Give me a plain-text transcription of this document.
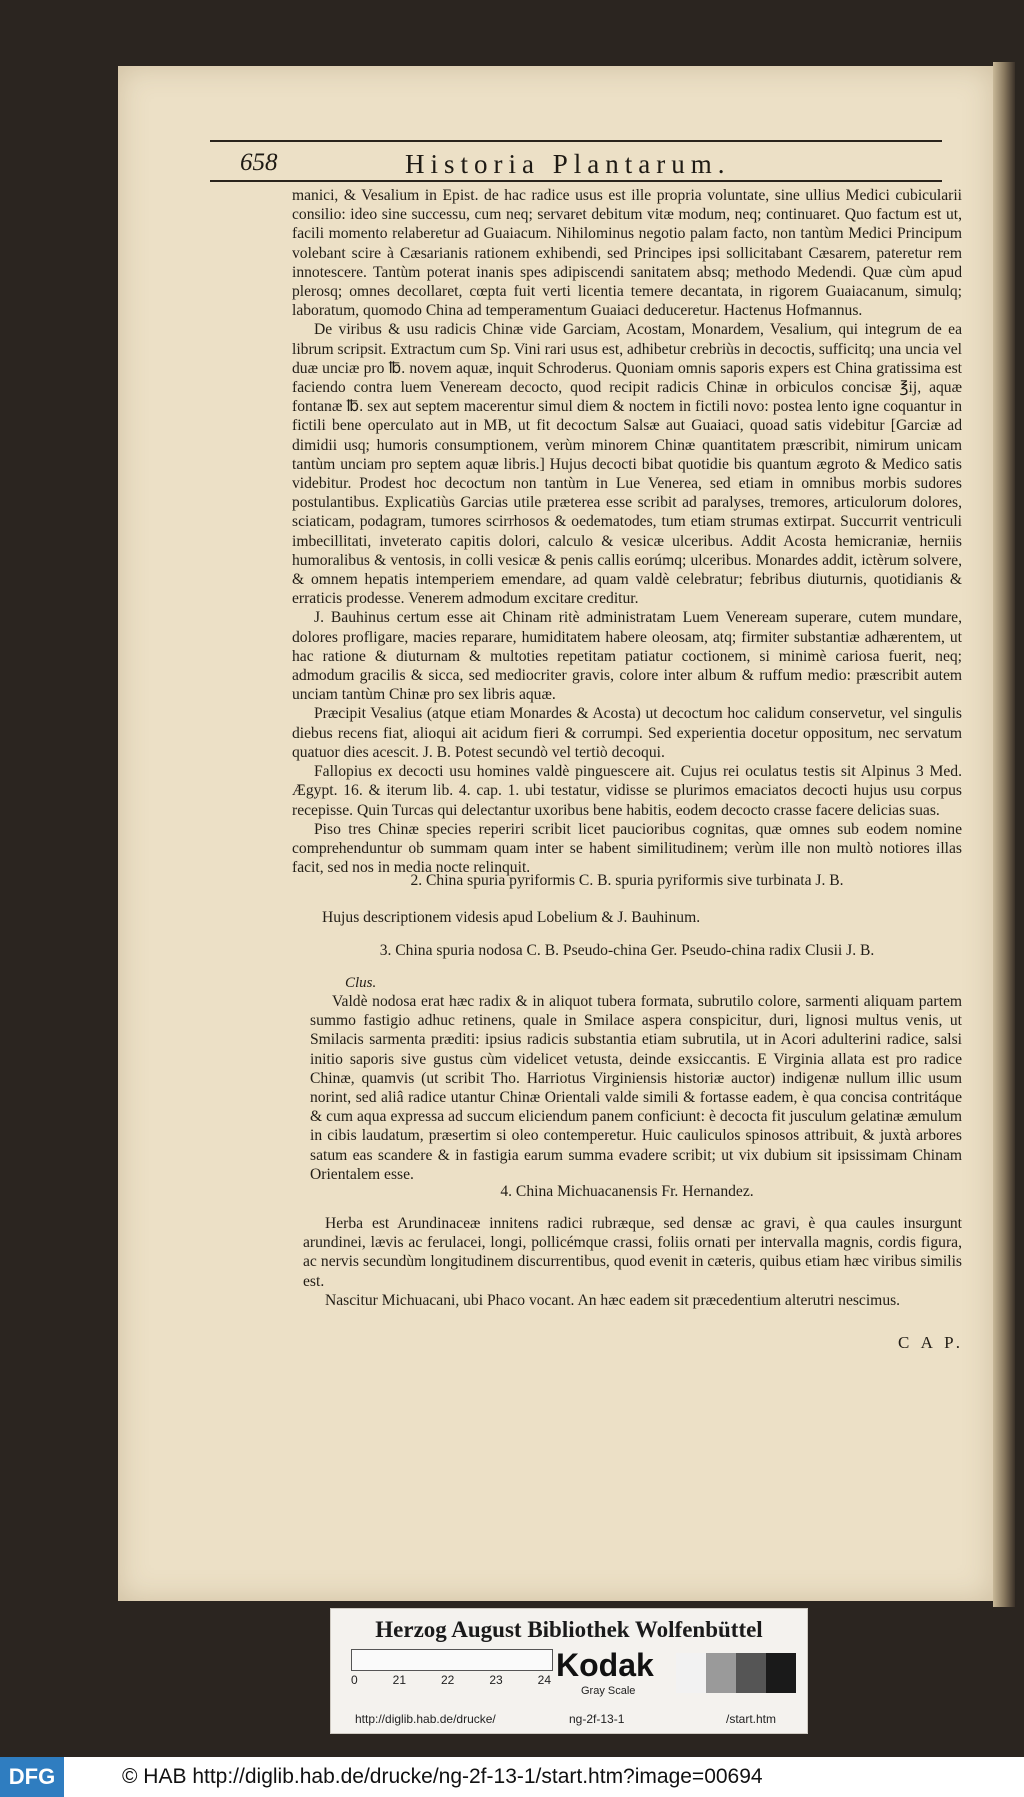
658	Historia Plantarum.

manici, & Vesalium in Epist. de hac radice usus est ille propria voluntate, sine ullius Medici cubicularii consilio: ideo sine successu, cum neq; servaret debitum vitæ modum, neq; continuaret. Quo factum est ut, facili momento relaberetur ad Guaiacum. Nihilominus negotio palam facto, non tantùm Medici Principum volebant scire à Cæsarianis rationem exhibendi, sed Principes ipsi sollicitabant Cæsarem, pateretur rem innotescere. Tantùm poterat inanis spes adipiscendi sanitatem absq; methodo Medendi. Quæ cùm apud plerosq; omnes decollaret, cœpta fuit verti licentia temere decantata, in rigorem Guaiacanum, simulq; laboratum, quomodo China ad temperamentum Guaiaci deduceretur. Hactenus Hofmannus.

De viribus & usu radicis Chinæ vide Garciam, Acostam, Monardem, Vesalium, qui integrum de ea librum scripsit. Extractum cum Sp. Vini rari usus est, adhibetur crebriùs in decoctis, sufficitq; una uncia vel duæ unciæ pro ℔. novem aquæ, inquit Schroderus. Quoniam omnis saporis expers est China gratissima est faciendo contra luem Veneream decocto, quod recipit radicis Chinæ in orbiculos concisæ ℥ij, aquæ fontanæ ℔. sex aut septem macerentur simul diem & noctem in fictili novo: postea lento igne coquantur in fictili bene operculato aut in MB, ut fit decoctum Salsæ aut Guaiaci, quoad satis videbitur [Garciæ ad dimidii usq; humoris consumptionem, verùm minorem Chinæ quantitatem præscribit, nimirum unicam tantùm unciam pro septem aquæ libris.] Hujus decocti bibat quotidie bis quantum ægroto & Medico satis videbitur. Prodest hoc decoctum non tantùm in Lue Venerea, sed etiam in omnibus morbis sudores postulantibus. Explicatiùs Garcias utile præterea esse scribit ad paralyses, tremores, articulorum dolores, sciaticam, podagram, tumores scirrhosos & oedematodes, tum etiam strumas extirpat. Succurrit ventriculi imbecillitati, inveterato capitis dolori, calculo & vesicæ ulceribus. Addit Acosta hemicraniæ, herniis humoralibus & ventosis, in colli vesicæ & penis callis eorúmq; ulceribus. Monardes addit, ictèrum solvere, & omnem hepatis intemperiem emendare, ad quam valdè celebratur; febribus diuturnis, quotidianis & erraticis prodesse. Venerem admodum excitare creditur.

J. Bauhinus certum esse ait Chinam ritè administratam Luem Veneream superare, cutem mundare, dolores profligare, macies reparare, humiditatem habere oleosam, atq; firmiter substantiæ adhærentem, ut hac ratione & diuturnam & multoties repetitam patiatur coctionem, si minimè cariosa fuerit, neq; admodum gracilis & sicca, sed mediocriter gravis, colore inter album & ruffum medio: præscribit autem unciam tantùm Chinæ pro sex libris aquæ.

Præcipit Vesalius (atque etiam Monardes & Acosta) ut decoctum hoc calidum conservetur, vel singulis diebus recens fiat, alioqui ait acidum fieri & corrumpi. Sed experientia docetur oppositum, nec servatum quatuor dies acescit. J. B. Potest secundò vel tertiò decoqui.

Fallopius ex decocti usu homines valdè pinguescere ait. Cujus rei oculatus testis sit Alpinus 3 Med. Ægypt. 16. & iterum lib. 4. cap. 1. ubi testatur, vidisse se plurimos emaciatos decocti hujus usu corpus recepisse. Quin Turcas qui delectantur uxoribus bene habitis, eodem decocto crasse facere delicias suas.

Piso tres Chinæ species reperiri scribit licet paucioribus cognitas, quæ omnes sub eodem nomine comprehenduntur ob summam quam inter se habent similitudinem; verùm ille non multò notiores illas facit, sed nos in media nocte relinquit.

2. China spuria pyriformis C. B. spuria pyriformis sive turbinata J. B.

Hujus descriptionem videsis apud Lobelium & J. Bauhinum.

3. China spuria nodosa C. B. Pseudo-china Ger. Pseudo-china radix Clusii J. B.
Clus.

Valdè nodosa erat hæc radix & in aliquot tubera formata, subrutilo colore, sarmenti aliquam partem summo fastigio adhuc retinens, quale in Smilace aspera conspicitur, duri, lignosi multus venis, ut Smilacis sarmenta præditi: ipsius radicis substantia etiam subrutila, ut in Acori adulterini radice, salsi initio saporis sive gustus cùm videlicet vetusta, deinde exsiccantis. E Virginia allata est pro radice Chinæ, quamvis (ut scribit Tho. Harriotus Virginiensis historiæ auctor) indigenæ nullum illic usum norint, sed aliâ radice utantur Chinæ Orientali valde simili & fortasse eadem, è qua concisa contritáque & cum aqua expressa ad succum eliciendum panem conficiunt: è decocta fit jusculum gelatinæ æmulum in cibis laudatum, præsertim si oleo contemperetur. Huic cauliculos spinosos attribuit, & juxtà arbores satum eas scandere & in fastigia earum summa evadere scribit; ut vix dubium sit ipsissimam Chinam Orientalem esse.

4. China Michuacanensis Fr. Hernandez.

Herba est Arundinaceæ innitens radici rubræque, sed densæ ac gravi, è qua caules insurgunt arundinei, lævis ac ferulacei, longi, pollicémque crassi, foliis ornati per intervalla magnis, cordis figura, ac nervis secundùm longitudinem discurrentibus, quod evenit in cæteris, quibus etiam hæc viribus similis est.

Nascitur Michuacani, ubi Phaco vocant. An hæc eadem sit præcedentium alterutri nescimus.

C A P.
Herzog August Bibliothek Wolfenbüttel
0	21	22	23	24 Kodak
Gray Scale
http://diglib.hab.de/drucke/	ng-2f-13-1	/start.htm
DFG	© HAB http://diglib.hab.de/drucke/ng-2f-13-1/start.htm?image=00694
